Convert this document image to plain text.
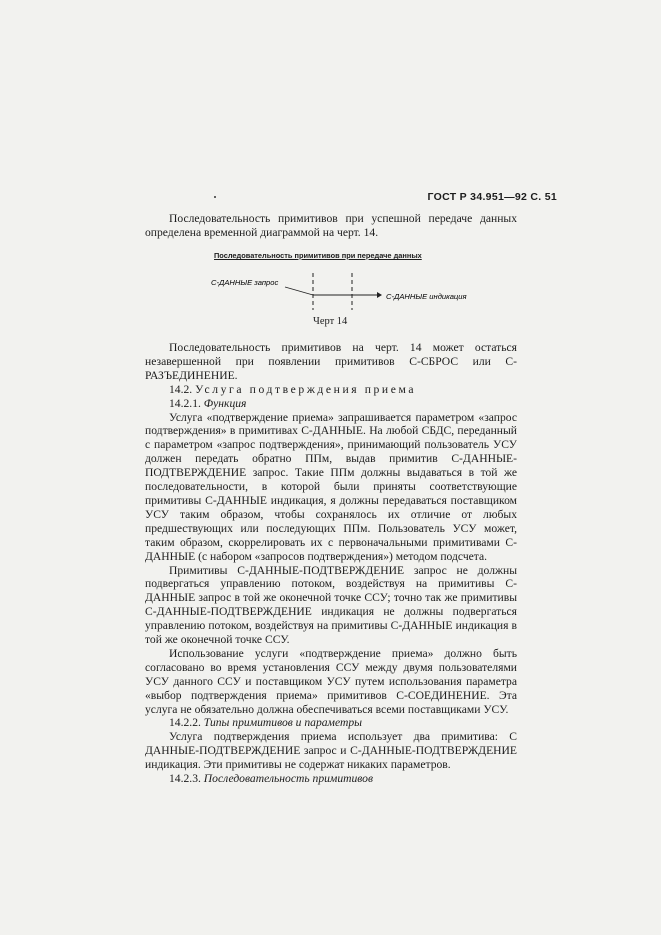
ГОСТ Р 34.951—92 С. 51

Последовательность примитивов при успешной передаче данных определена временной диаграммой на черт. 14.

Последовательность примитивов при передаче данных
С-ДАННЫЕ запрос
С-ДАННЫЕ индикация
Черт 14

Последовательность примитивов на черт. 14 может остаться незавершенной при появлении примитивов С-СБРОС или С-РАЗЪЕДИНЕНИЕ.

14.2. Услуга подтверждения приема

14.2.1. Функция

Услуга «подтверждение приема» запрашивается параметром «запрос подтверждения» в примитивах С-ДАННЫЕ. На любой СБДС, переданный с параметром «запрос подтверждения», принимающий пользователь УСУ должен передать обратно ППм, выдав примитив С-ДАННЫЕ-ПОДТВЕРЖДЕНИЕ запрос. Такие ППм должны выдаваться в той же последовательности, в которой были приняты соответствующие примитивы С-ДАННЫЕ индикация, я должны передаваться поставщиком УСУ таким образом, чтобы сохранялось их отличие от любых предшествующих или последующих ППм. Пользователь УСУ может, таким образом, скоррелировать их с первоначальными примитивами С-ДАННЫЕ (с набором «запросов подтверждения») методом подсчета.

Примитивы С-ДАННЫЕ-ПОДТВЕРЖДЕНИЕ запрос не должны подвергаться управлению потоком, воздействуя на примитивы С-ДАННЫЕ запрос в той же оконечной точке ССУ; точно так же примитивы С-ДАННЫЕ-ПОДТВЕРЖДЕНИЕ индикация не должны подвергаться управлению потоком, воздействуя на примитивы С-ДАННЫЕ индикация в той же оконечной точке ССУ.

Использование услуги «подтверждение приема» должно быть согласовано во время установления ССУ между двумя пользователями УСУ данного ССУ и поставщиком УСУ путем использования параметра «выбор подтверждения приема» примитивов С-СОЕДИНЕНИЕ. Эта услуга не обязательно должна обеспечиваться всеми поставщиками УСУ.

14.2.2. Типы примитивов и параметры

Услуга подтверждения приема использует два примитива: С ДАННЫЕ-ПОДТВЕРЖДЕНИЕ запрос и С-ДАННЫЕ-ПОДТВЕРЖДЕНИЕ индикация. Эти примитивы не содержат никаких параметров.

14.2.3. Последовательность примитивов
